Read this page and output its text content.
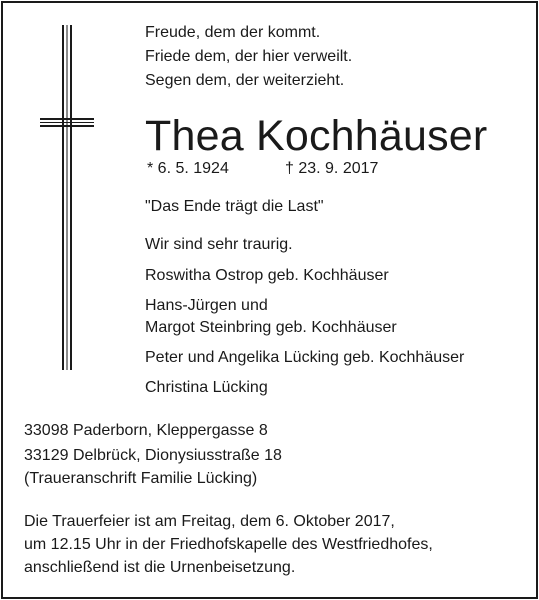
Freude, dem der kommt.
Friede dem, der hier verweilt.
Segen dem, der weiterzieht.
Thea Kochhäuser
* 6. 5. 1924	† 23. 9. 2017
"Das Ende trägt die Last"
Wir sind sehr traurig.
Roswitha Ostrop geb. Kochhäuser
Hans-Jürgen und
Margot Steinbring geb. Kochhäuser
Peter und Angelika Lücking geb. Kochhäuser
Christina Lücking
33098 Paderborn, Kleppergasse 8
33129 Delbrück, Dionysiusstraße 18
(Traueranschrift Familie Lücking)
Die Trauerfeier ist am Freitag, dem 6. Oktober 2017,
um 12.15 Uhr in der Friedhofskapelle des Westfriedhofes,
anschließend ist die Urnenbeisetzung.
